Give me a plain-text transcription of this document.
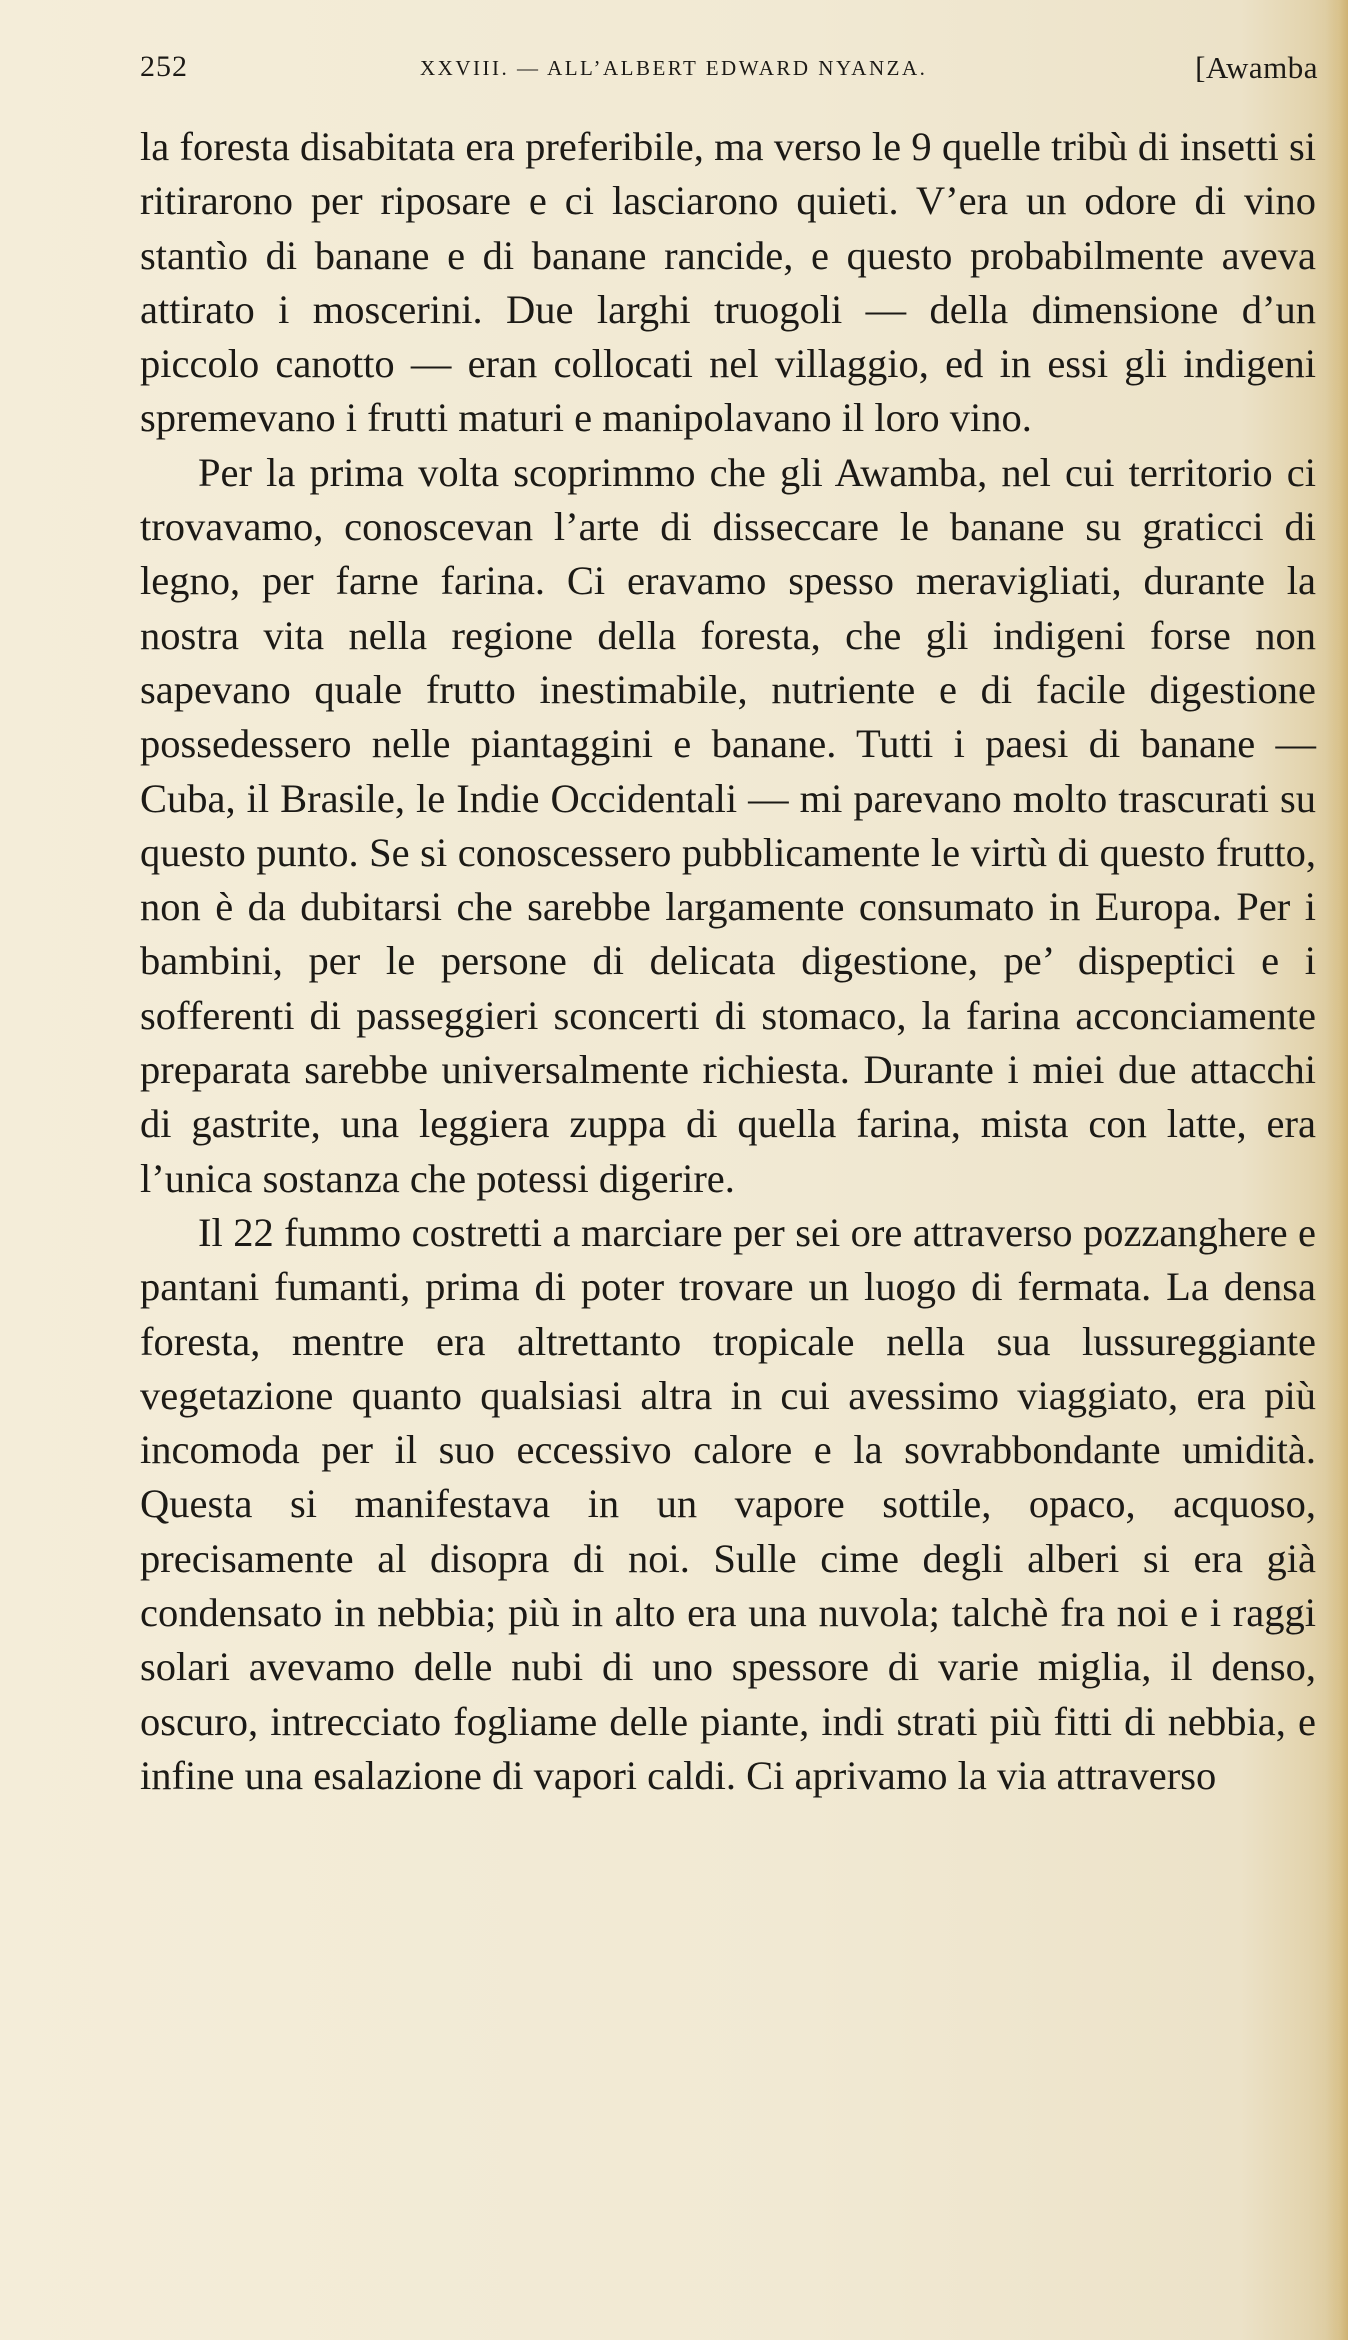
252	XXVIII. — ALL’ALBERT EDWARD NYANZA.	[Awamba

la foresta disabitata era preferibile, ma verso le 9 quelle tribù di insetti si ritirarono per riposare e ci lasciarono quieti. V’era un odore di vino stantìo di banane e di banane rancide, e questo probabilmente aveva attirato i moscerini. Due larghi truogoli — della dimensione d’un piccolo canotto — eran collocati nel villaggio, ed in essi gli indigeni spremevano i frutti maturi e manipolavano il loro vino.

Per la prima volta scoprimmo che gli Awamba, nel cui territorio ci trovavamo, conoscevan l’arte di disseccare le banane su graticci di legno, per farne farina. Ci eravamo spesso meravigliati, durante la nostra vita nella regione della foresta, che gli indigeni forse non sapevano quale frutto inestimabile, nutriente e di facile digestione possedessero nelle piantaggini e banane. Tutti i paesi di banane — Cuba, il Brasile, le Indie Occidentali — mi parevano molto trascurati su questo punto. Se si conoscessero pubblicamente le virtù di questo frutto, non è da dubitarsi che sarebbe largamente consumato in Europa. Per i bambini, per le persone di delicata digestione, pe’ dispeptici e i sofferenti di passeggieri sconcerti di stomaco, la farina acconciamente preparata sarebbe universalmente richiesta. Durante i miei due attacchi di gastrite, una leggiera zuppa di quella farina, mista con latte, era l’unica sostanza che potessi digerire.

Il 22 fummo costretti a marciare per sei ore attraverso pozzanghere e pantani fumanti, prima di poter trovare un luogo di fermata. La densa foresta, mentre era altrettanto tropicale nella sua lussureggiante vegetazione quanto qualsiasi altra in cui avessimo viaggiato, era più incomoda per il suo eccessivo calore e la sovrabbondante umidità. Questa si manifestava in un vapore sottile, opaco, acquoso, precisamente al disopra di noi. Sulle cime degli alberi si era già condensato in nebbia; più in alto era una nuvola; talchè fra noi e i raggi solari avevamo delle nubi di uno spessore di varie miglia, il denso, oscuro, intrecciato fogliame delle piante, indi strati più fitti di nebbia, e infine una esalazione di vapori caldi. Ci aprivamo la via attraverso
